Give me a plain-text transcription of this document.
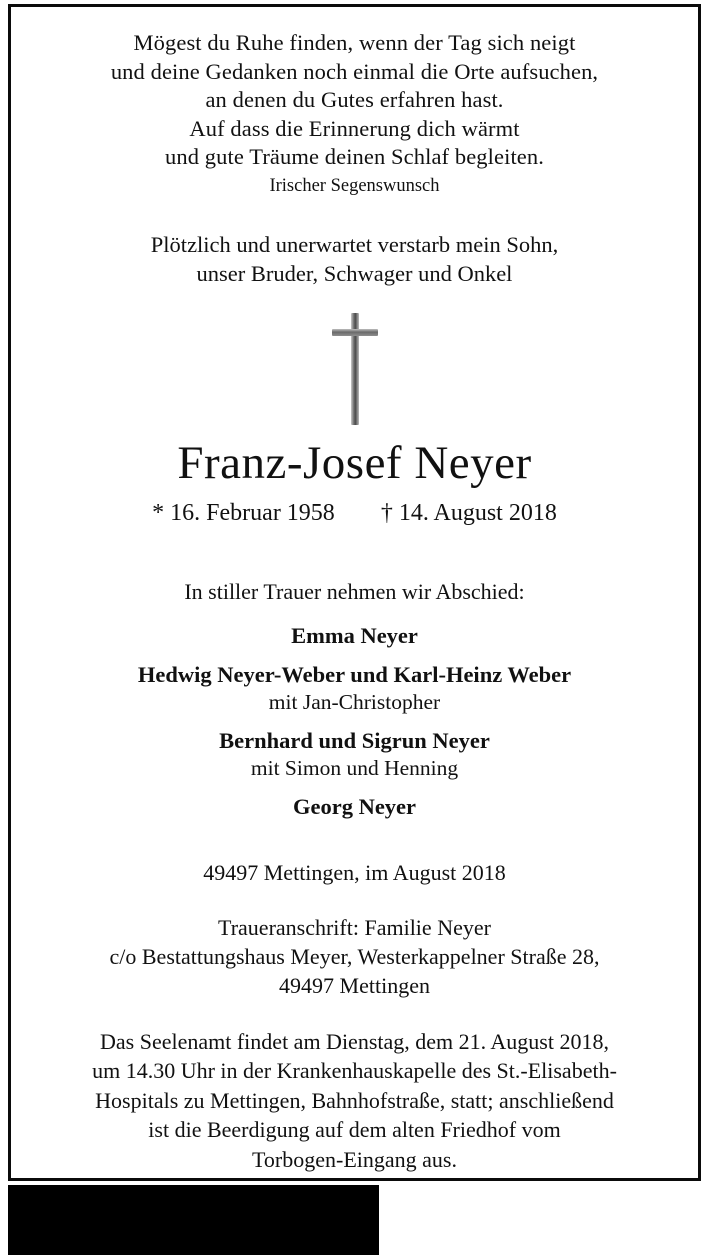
Mögest du Ruhe finden, wenn der Tag sich neigt
und deine Gedanken noch einmal die Orte aufsuchen,
an denen du Gutes erfahren hast.
Auf dass die Erinnerung dich wärmt
und gute Träume deinen Schlaf begleiten.
Irischer Segenswunsch
Plötzlich und unerwartet verstarb mein Sohn,
unser Bruder, Schwager und Onkel
Franz-Josef Neyer
* 16. Februar 1958 † 14. August 2018
In stiller Trauer nehmen wir Abschied:
Emma Neyer
Hedwig Neyer-Weber und Karl-Heinz Weber
mit Jan-Christopher
Bernhard und Sigrun Neyer
mit Simon und Henning
Georg Neyer
49497 Mettingen, im August 2018
Traueranschrift: Familie Neyer
c/o Bestattungshaus Meyer, Westerkappelner Straße 28,
49497 Mettingen
Das Seelenamt findet am Dienstag, dem 21. August 2018,
um 14.30 Uhr in der Krankenhauskapelle des St.-Elisabeth-
Hospitals zu Mettingen, Bahnhofstraße, statt; anschließend
ist die Beerdigung auf dem alten Friedhof vom
Torbogen-Eingang aus.
